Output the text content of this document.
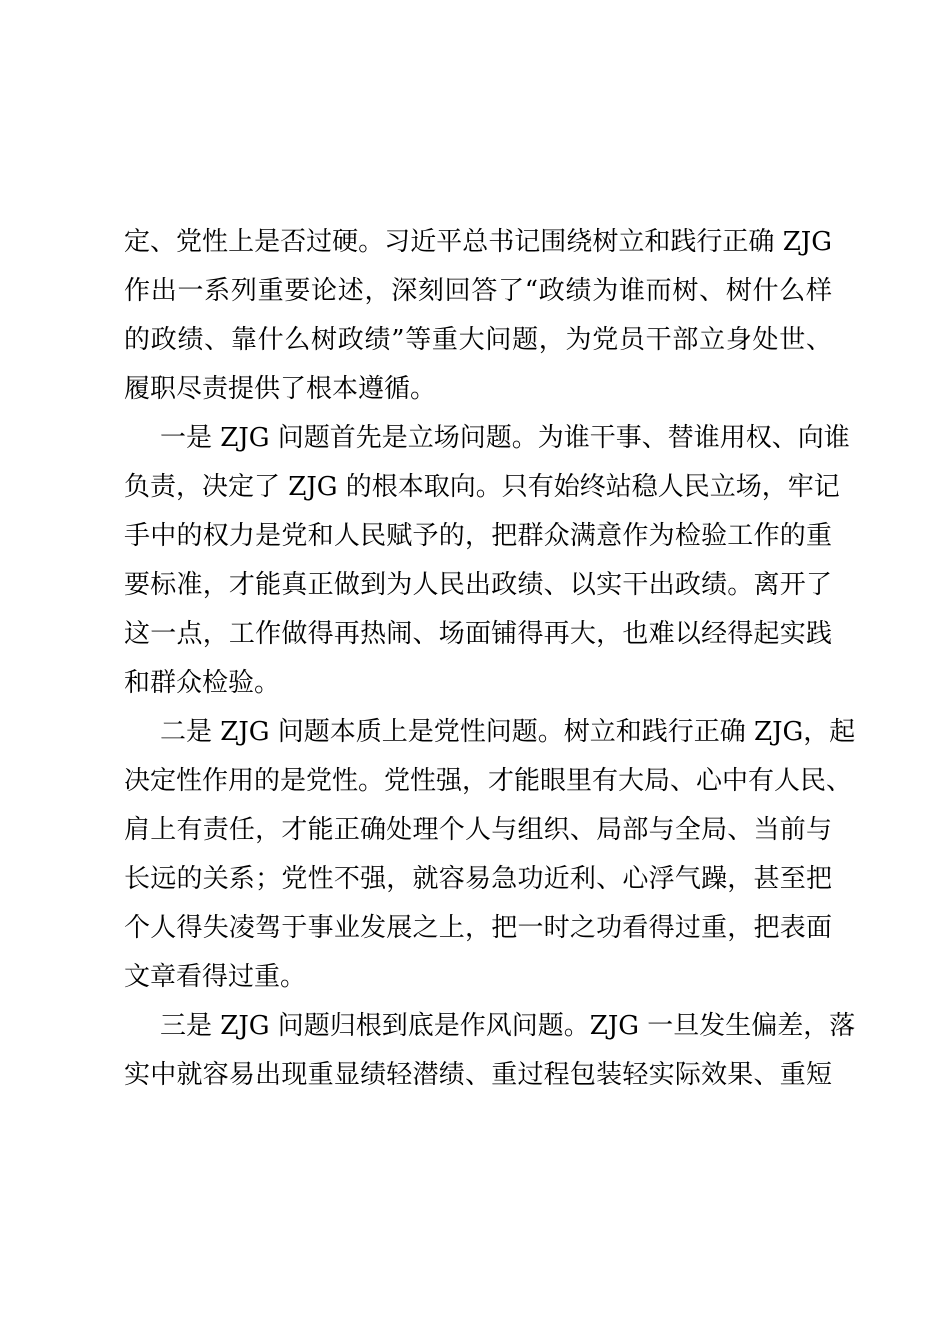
定、党性上是否过硬。习近平总书记围绕树立和践行正确 ZJG
作出一系列重要论述，深刻回答了“政绩为谁而树、树什么样
的政绩、靠什么树政绩”等重大问题，为党员干部立身处世、
履职尽责提供了根本遵循。
一是 ZJG 问题首先是立场问题。为谁干事、替谁用权、向谁
负责，决定了 ZJG 的根本取向。只有始终站稳人民立场，牢记
手中的权力是党和人民赋予的，把群众满意作为检验工作的重
要标准，才能真正做到为人民出政绩、以实干出政绩。离开了
这一点，工作做得再热闹、场面铺得再大，也难以经得起实践
和群众检验。
二是 ZJG 问题本质上是党性问题。树立和践行正确 ZJG，起
决定性作用的是党性。党性强，才能眼里有大局、心中有人民、
肩上有责任，才能正确处理个人与组织、局部与全局、当前与
长远的关系；党性不强，就容易急功近利、心浮气躁，甚至把
个人得失凌驾于事业发展之上，把一时之功看得过重，把表面
文章看得过重。
三是 ZJG 问题归根到底是作风问题。ZJG 一旦发生偏差，落
实中就容易出现重显绩轻潜绩、重过程包装轻实际效果、重短
